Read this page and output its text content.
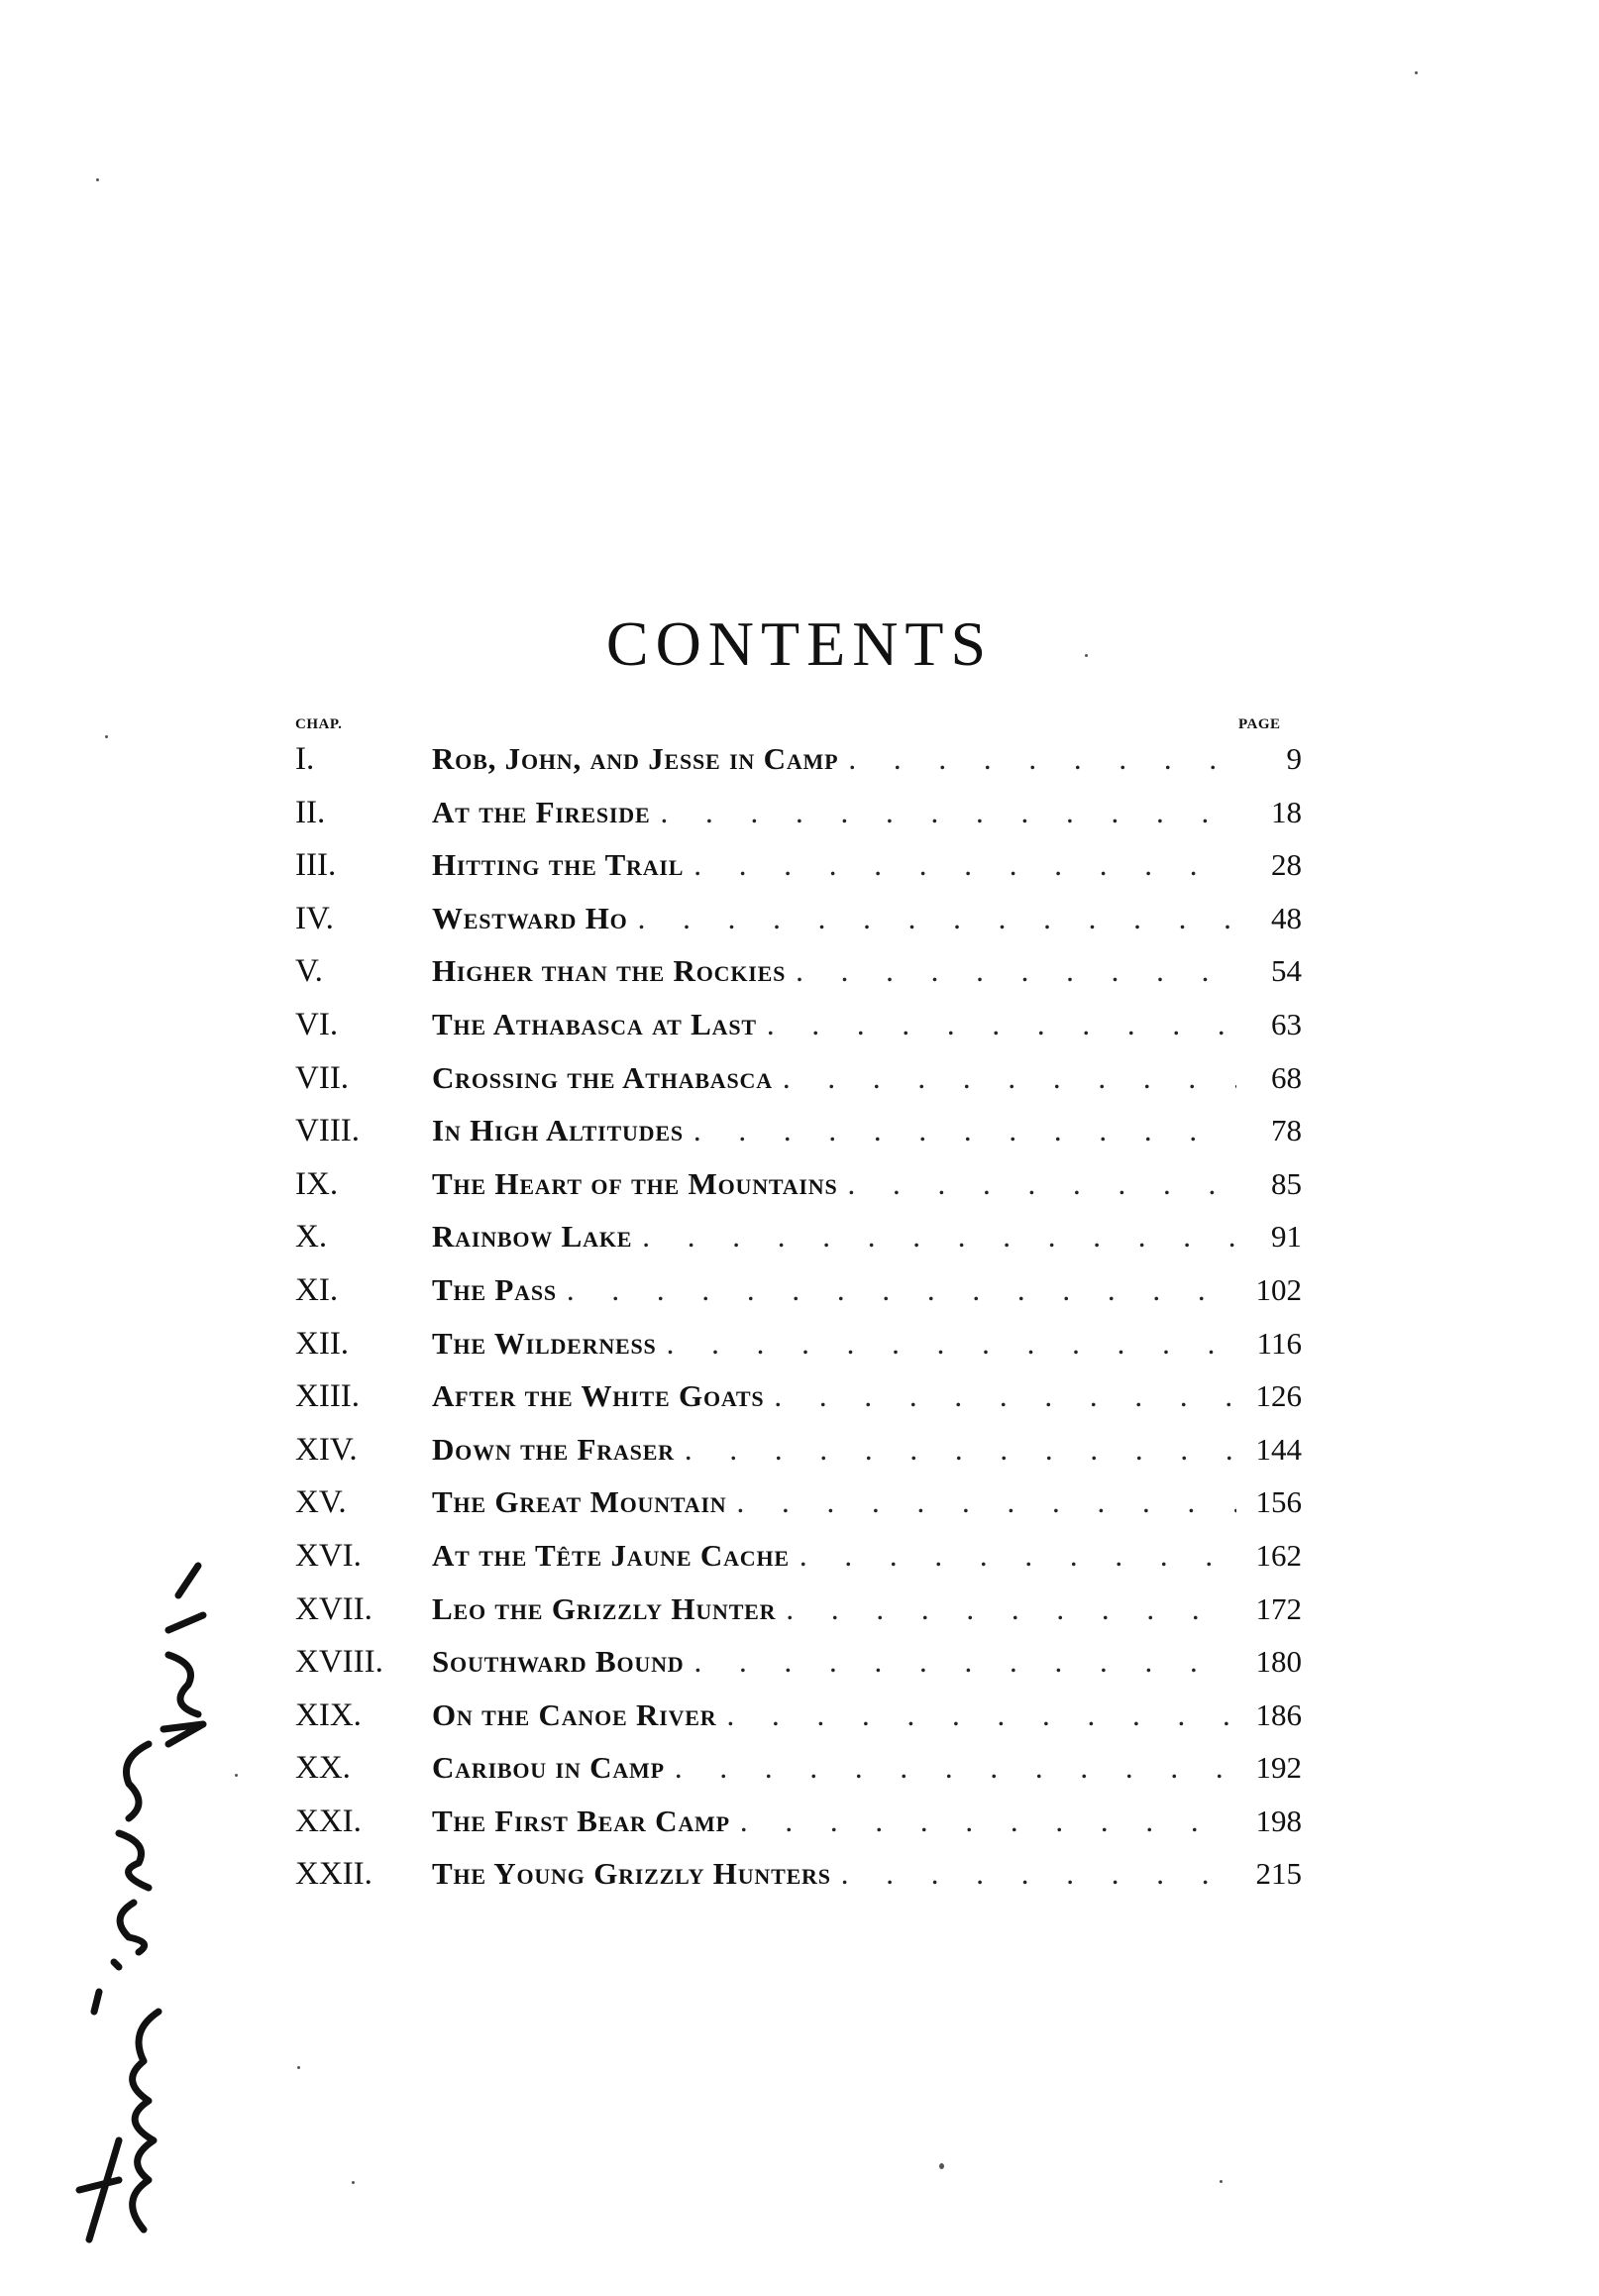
CONTENTS
CHAP.	PAGE
I.	Rob, John, and Jesse in Camp . . .	9
II.	At the Fireside . . .	18
III.	Hitting the Trail . . .	28
IV.	Westward Ho . . .	48
V.	Higher than the Rockies . . .	54
VI.	The Athabasca at Last . . .	63
VII.	Crossing the Athabasca . . .	68
VIII.	In High Altitudes . . .	78
IX.	The Heart of the Mountains . . .	85
X.	Rainbow Lake . . .	91
XI.	The Pass . . .	102
XII.	The Wilderness . . .	116
XIII.	After the White Goats . . .	126
XIV.	Down the Fraser . . .	144
XV.	The Great Mountain . . .	156
XVI.	At the Tête Jaune Cache . . .	162
XVII.	Leo the Grizzly Hunter . . .	172
XVIII.	Southward Bound . . .	180
XIX.	On the Canoe River . . .	186
XX.	Caribou in Camp . . .	192
XXI.	The First Bear Camp . . .	198
XXII.	The Young Grizzly Hunters . . .	215
